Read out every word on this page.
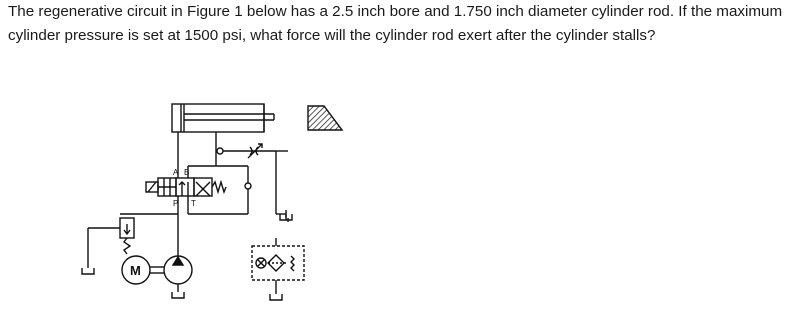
The regenerative circuit in Figure 1 below has a 2.5 inch bore and 1.750 inch diameter cylinder rod. If the maximum cylinder pressure is set at 1500 psi, what force will the cylinder rod exert after the cylinder stalls?

A B
P T
M
